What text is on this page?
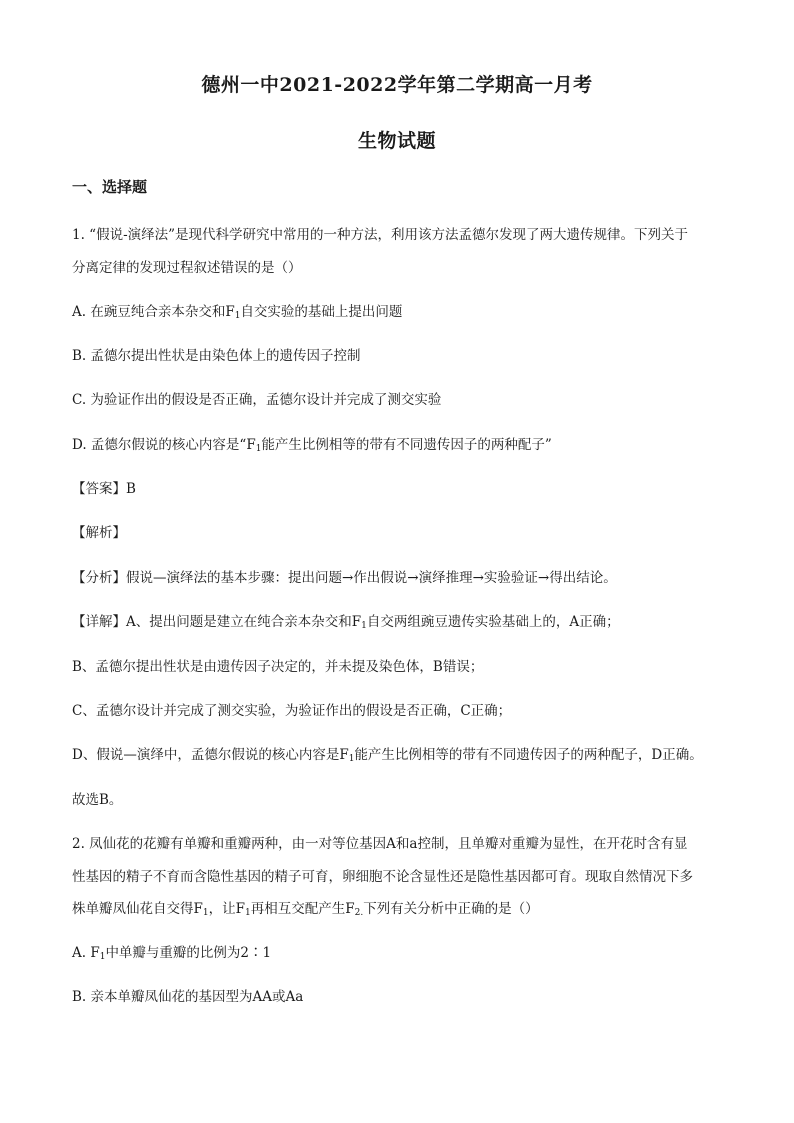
德州一中2021-2022学年第二学期高一月考
生物试题
一、选择题
1. “假说-演绎法”是现代科学研究中常用的一种方法，利用该方法孟德尔发现了两大遗传规律。下列关于
分离定律的发现过程叙述错误的是（）
A. 在豌豆纯合亲本杂交和$F_1$自交实验的基础上提出问题
B. 孟德尔提出性状是由染色体上的遗传因子控制
C. 为验证作出的假设是否正确，孟德尔设计并完成了测交实验
D. 孟德尔假说的核心内容是“$F_1$能产生比例相等的带有不同遗传因子的两种配子”
【答案】B
【解析】
【分析】假说—演绎法的基本步骤：提出问题→作出假说→演绎推理→实验验证→得出结论。
【详解】A、提出问题是建立在纯合亲本杂交和$F_1$自交两组豌豆遗传实验基础上的，A正确；
B、孟德尔提出性状是由遗传因子决定的，并未提及染色体，B错误；
C、孟德尔设计并完成了测交实验，为验证作出的假设是否正确，C正确；
D、假说—演绎中，孟德尔假说的核心内容是$F_1$能产生比例相等的带有不同遗传因子的两种配子，D正确。
故选B。
2. 凤仙花的花瓣有单瓣和重瓣两种，由一对等位基因A和a控制，且单瓣对重瓣为显性，在开花时含有显
性基因的精子不育而含隐性基因的精子可育，卵细胞不论含显性还是隐性基因都可育。现取自然情况下多
株单瓣凤仙花自交得$F_1$，让$F_1$再相互交配产生$F_{2.}$下列有关分析中正确的是（）
A. $F_1$中单瓣与重瓣的比例为2∶1
B. 亲本单瓣凤仙花的基因型为AA或Aa
